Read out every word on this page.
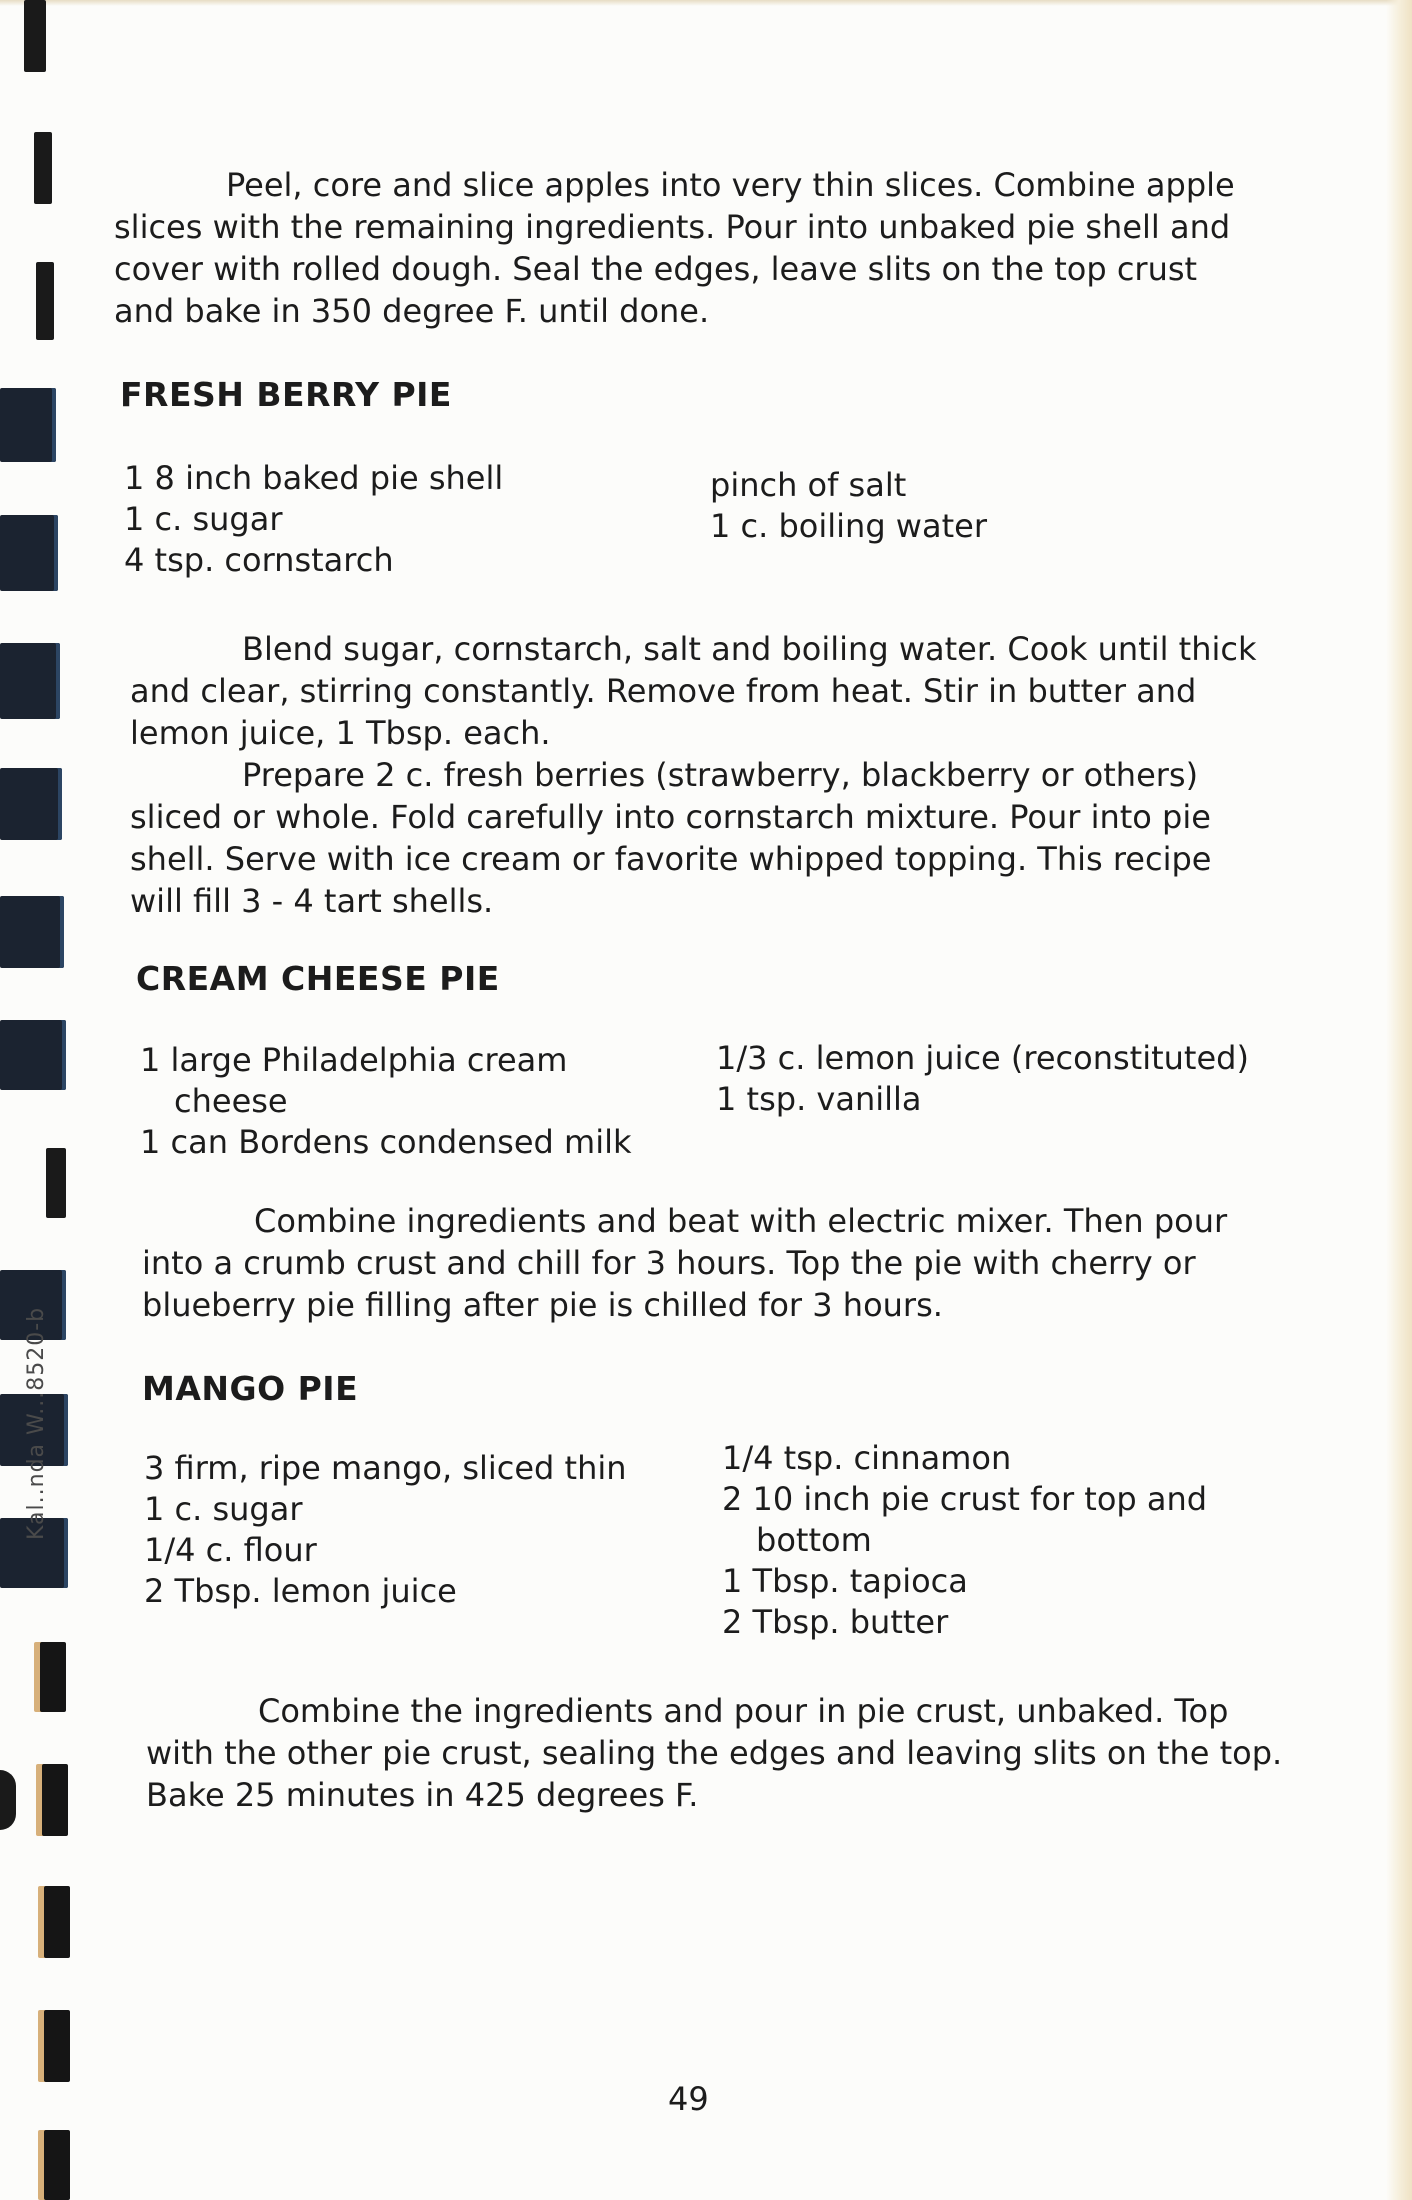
Kal..nda W...8520-b

Peel, core and slice apples into very thin slices. Combine apple slices with the remaining ingredients. Pour into unbaked pie shell and cover with rolled dough. Seal the edges, leave slits on the top crust and bake in 350 degree F. until done.

FRESH BERRY PIE
1 8 inch baked pie shell
1 c. sugar
4 tsp. cornstarch
pinch of salt
1 c. boiling water

Blend sugar, cornstarch, salt and boiling water. Cook until thick and clear, stirring constantly. Remove from heat. Stir in butter and lemon juice, 1 Tbsp. each.

Prepare 2 c. fresh berries (strawberry, blackberry or others) sliced or whole. Fold carefully into cornstarch mixture. Pour into pie shell. Serve with ice cream or favorite whipped topping. This recipe will fill 3 - 4 tart shells.

CREAM CHEESE PIE
1 large Philadelphia cream
cheese
1 can Bordens condensed milk
1/3 c. lemon juice (reconstituted)
1 tsp. vanilla

Combine ingredients and beat with electric mixer. Then pour into a crumb crust and chill for 3 hours. Top the pie with cherry or blueberry pie filling after pie is chilled for 3 hours.

MANGO PIE
3 firm, ripe mango, sliced thin
1 c. sugar
1/4 c. flour
2 Tbsp. lemon juice
1/4 tsp. cinnamon
2 10 inch pie crust for top and
bottom
1 Tbsp. tapioca
2 Tbsp. butter

Combine the ingredients and pour in pie crust, unbaked. Top with the other pie crust, sealing the edges and leaving slits on the top. Bake 25 minutes in 425 degrees F.

49
